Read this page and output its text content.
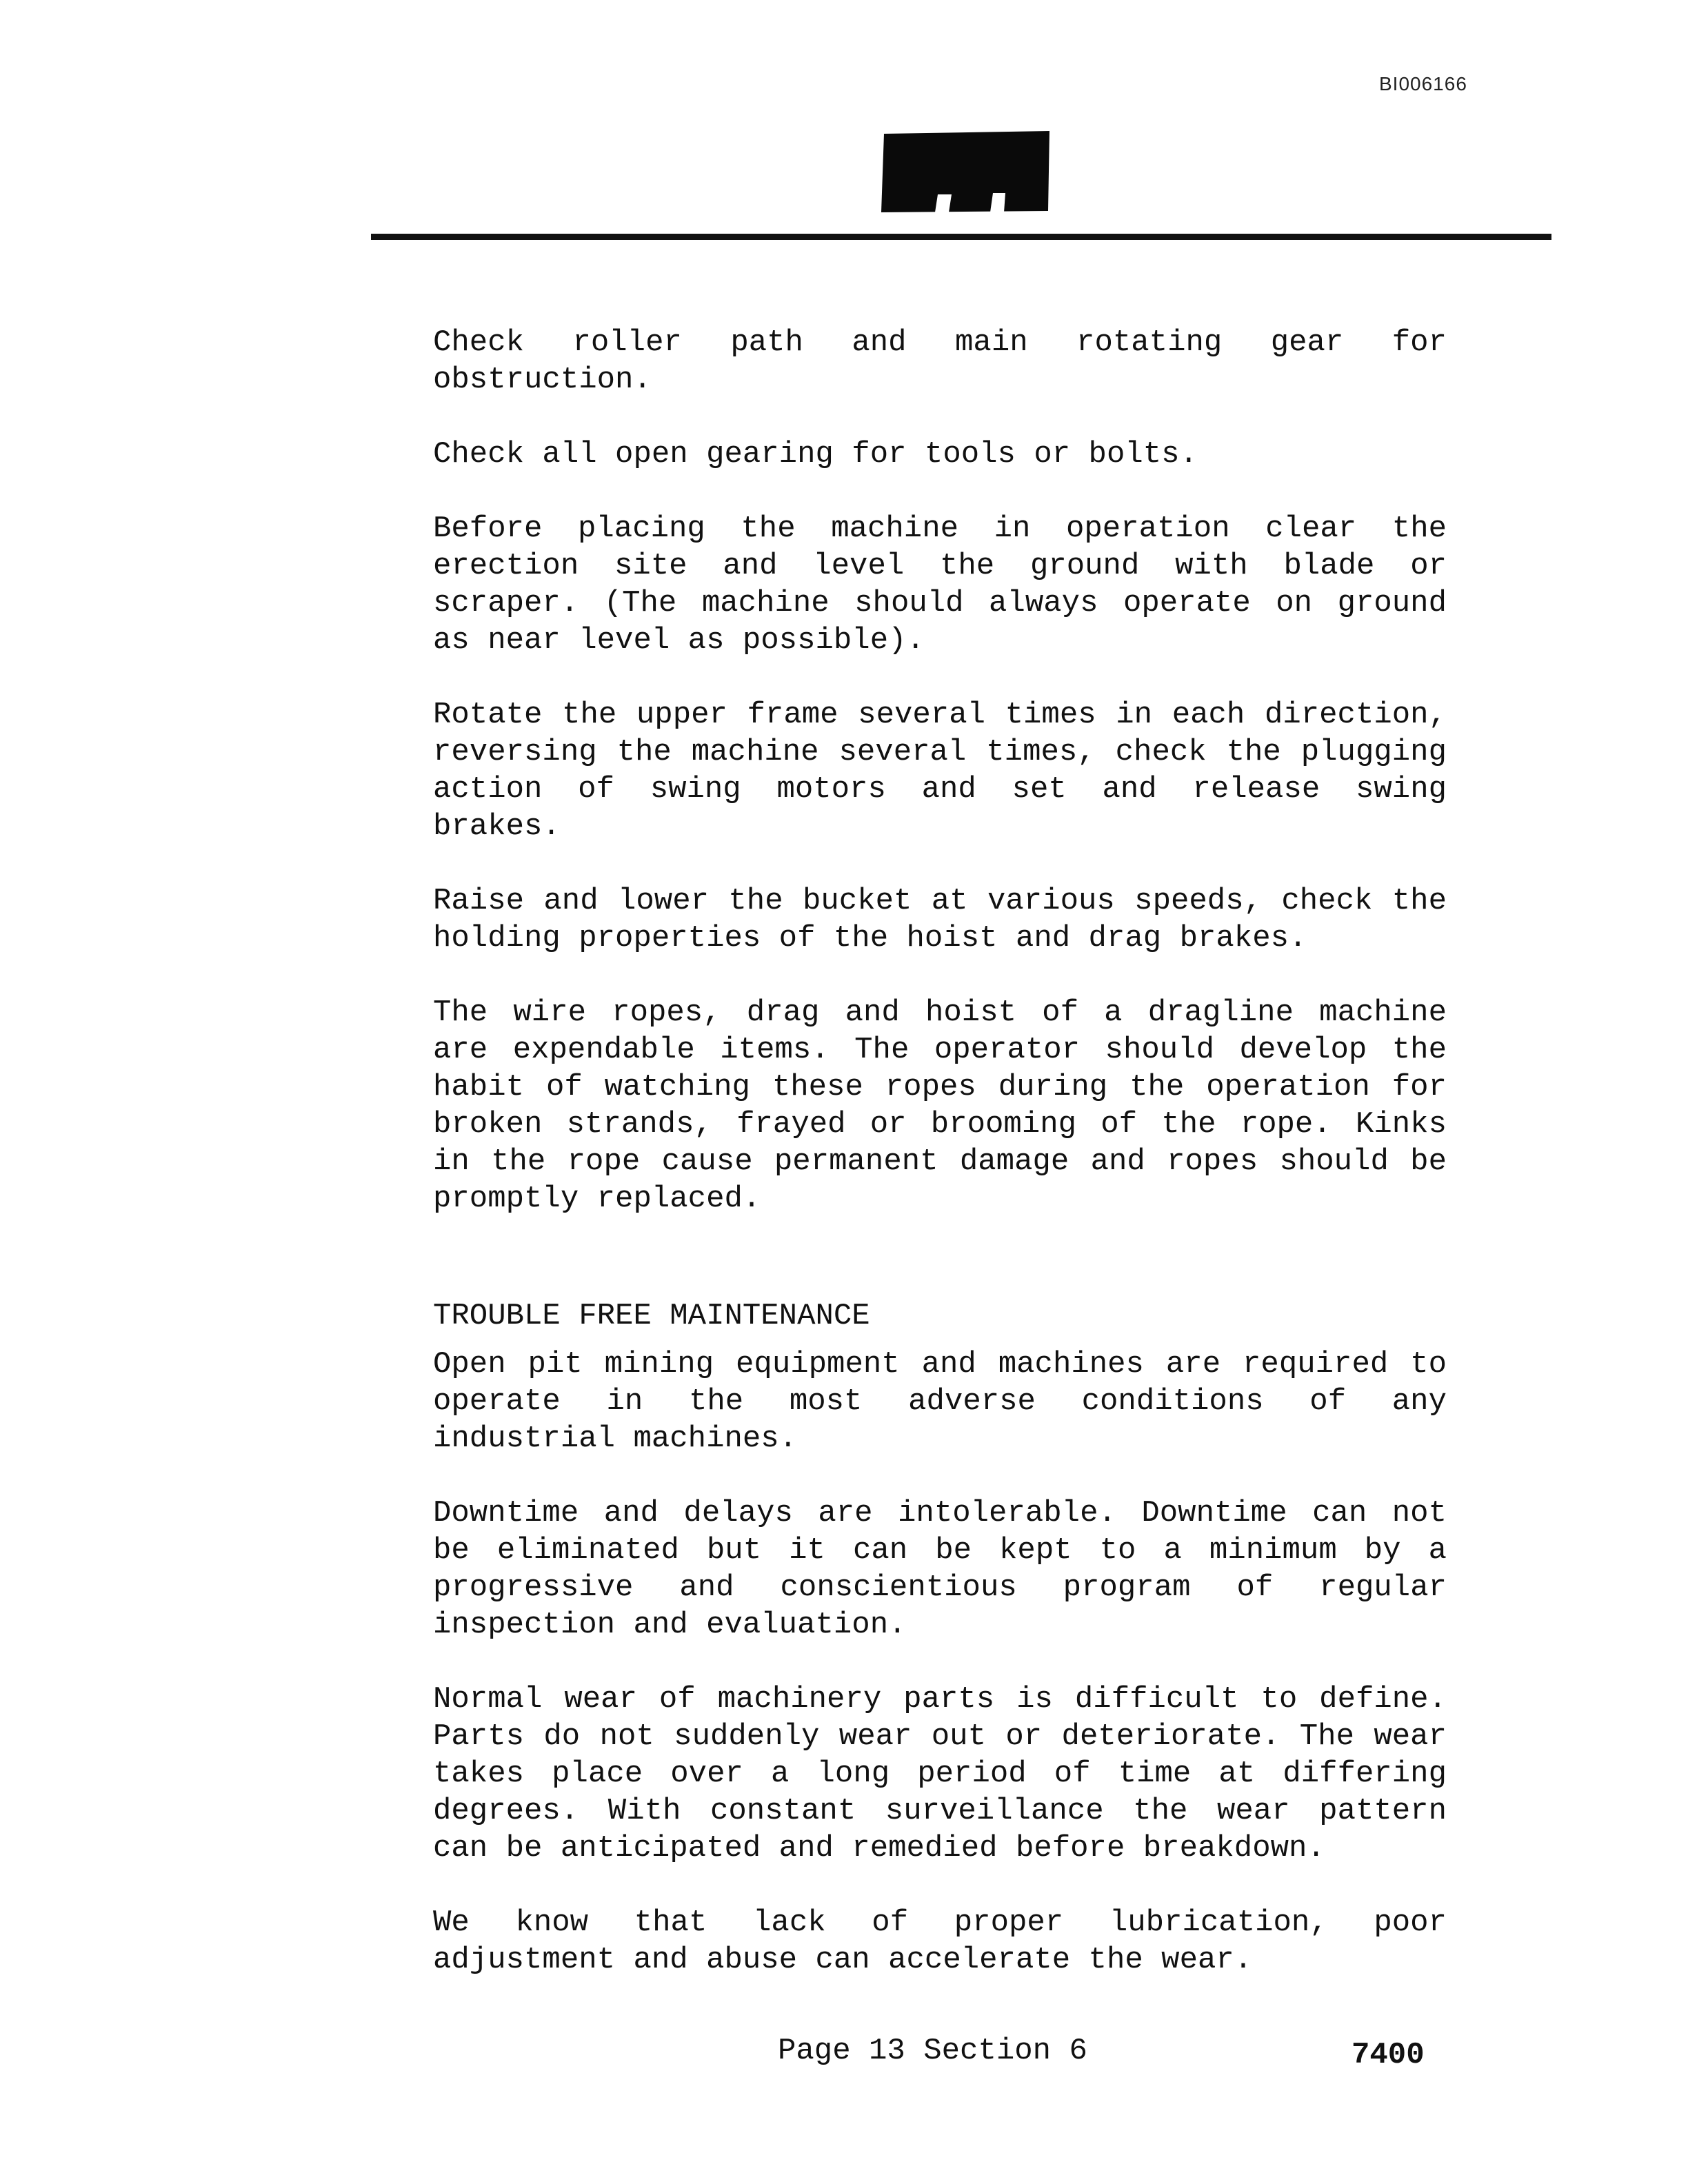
BI006166

Check roller path and main rotating gear for obstruction.

Check all open gearing for tools or bolts.

Before placing the machine in operation clear the erection site and level the ground with blade or scraper. (The machine should always operate on ground as near level as possible).

Rotate the upper frame several times in each direction, reversing the machine several times, check the plugging action of swing motors and set and release swing brakes.

Raise and lower the bucket at various speeds, check the holding properties of the hoist and drag brakes.

The wire ropes, drag and hoist of a dragline machine are expendable items. The operator should develop the habit of watching these ropes during the operation for broken strands, frayed or brooming of the rope. Kinks in the rope cause permanent damage and ropes should be promptly replaced.

TROUBLE FREE MAINTENANCE

Open pit mining equipment and machines are required to operate in the most adverse conditions of any industrial machines.

Downtime and delays are intolerable. Downtime can not be eliminated but it can be kept to a minimum by a progressive and conscientious program of regular inspection and evaluation.

Normal wear of machinery parts is difficult to define. Parts do not suddenly wear out or deteriorate. The wear takes place over a long period of time at differing degrees. With constant surveillance the wear pattern can be anticipated and remedied before breakdown.

We know that lack of proper lubrication, poor adjustment and abuse can accelerate the wear.

Page 13 Section 6	7400
